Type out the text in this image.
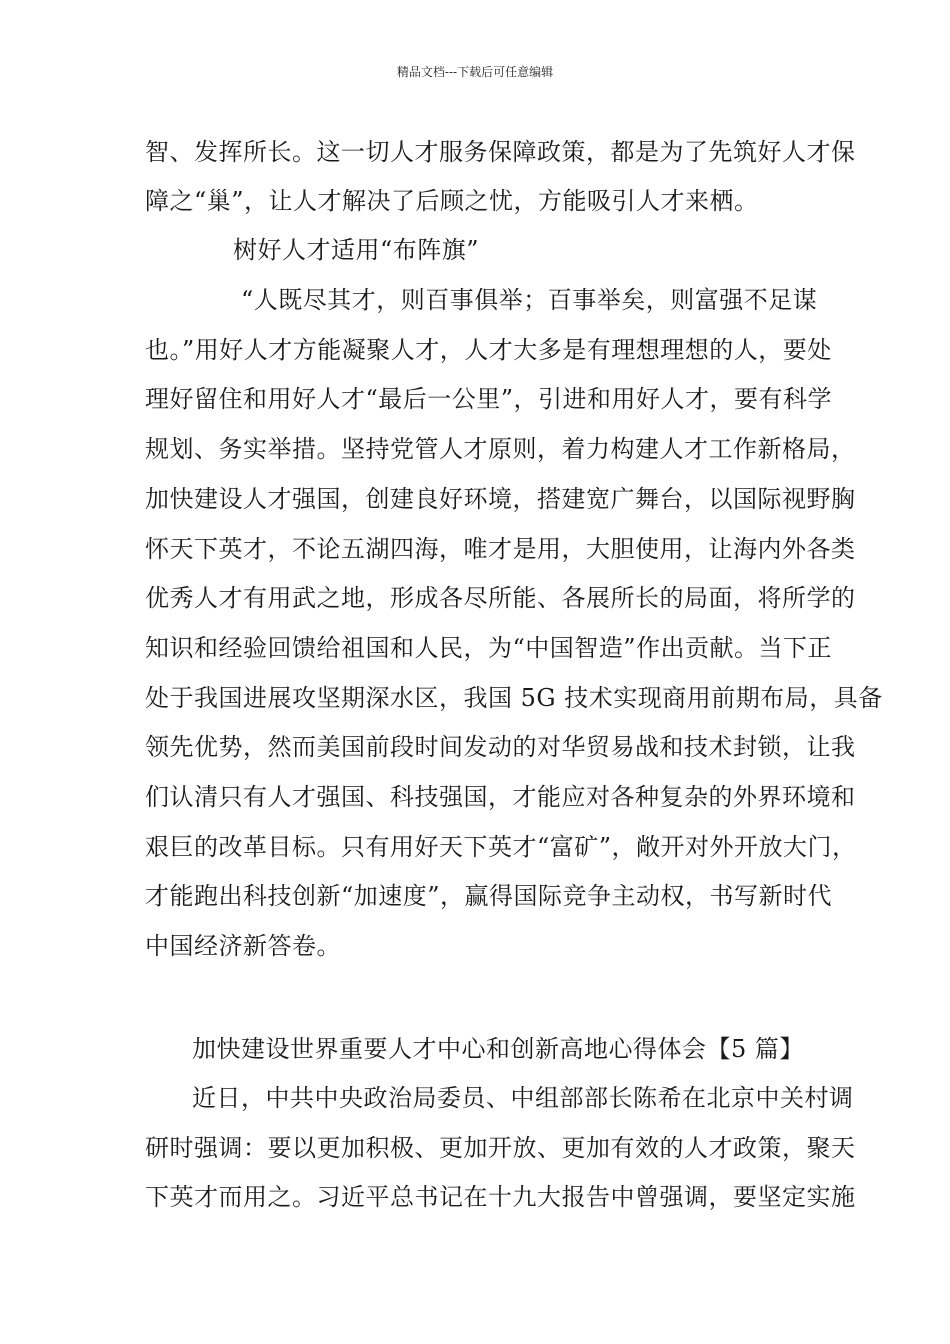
精品文档---下载后可任意编辑
智、发挥所长。这一切人才服务保障政策，都是为了先筑好人才保
障之“巢”，让人才解决了后顾之忧，方能吸引人才来栖。
树好人才适用“布阵旗”
“人既尽其才，则百事俱举；百事举矣，则富强不足谋
也。”用好人才方能凝聚人才，人才大多是有理想理想的人，要处
理好留住和用好人才“最后一公里”，引进和用好人才，要有科学
规划、务实举措。坚持党管人才原则，着力构建人才工作新格局，
加快建设人才强国，创建良好环境，搭建宽广舞台，以国际视野胸
怀天下英才，不论五湖四海，唯才是用，大胆使用，让海内外各类
优秀人才有用武之地，形成各尽所能、各展所长的局面，将所学的
知识和经验回馈给祖国和人民，为“中国智造”作出贡献。当下正
处于我国进展攻坚期深水区，我国 5G 技术实现商用前期布局，具备
领先优势，然而美国前段时间发动的对华贸易战和技术封锁，让我
们认清只有人才强国、科技强国，才能应对各种复杂的外界环境和
艰巨的改革目标。只有用好天下英才“富矿”，敞开对外开放大门，
才能跑出科技创新“加速度”，赢得国际竞争主动权，书写新时代
中国经济新答卷。
加快建设世界重要人才中心和创新高地心得体会【5 篇】
近日，中共中央政治局委员、中组部部长陈希在北京中关村调
研时强调：要以更加积极、更加开放、更加有效的人才政策，聚天
下英才而用之。习近平总书记在十九大报告中曾强调，要坚定实施
